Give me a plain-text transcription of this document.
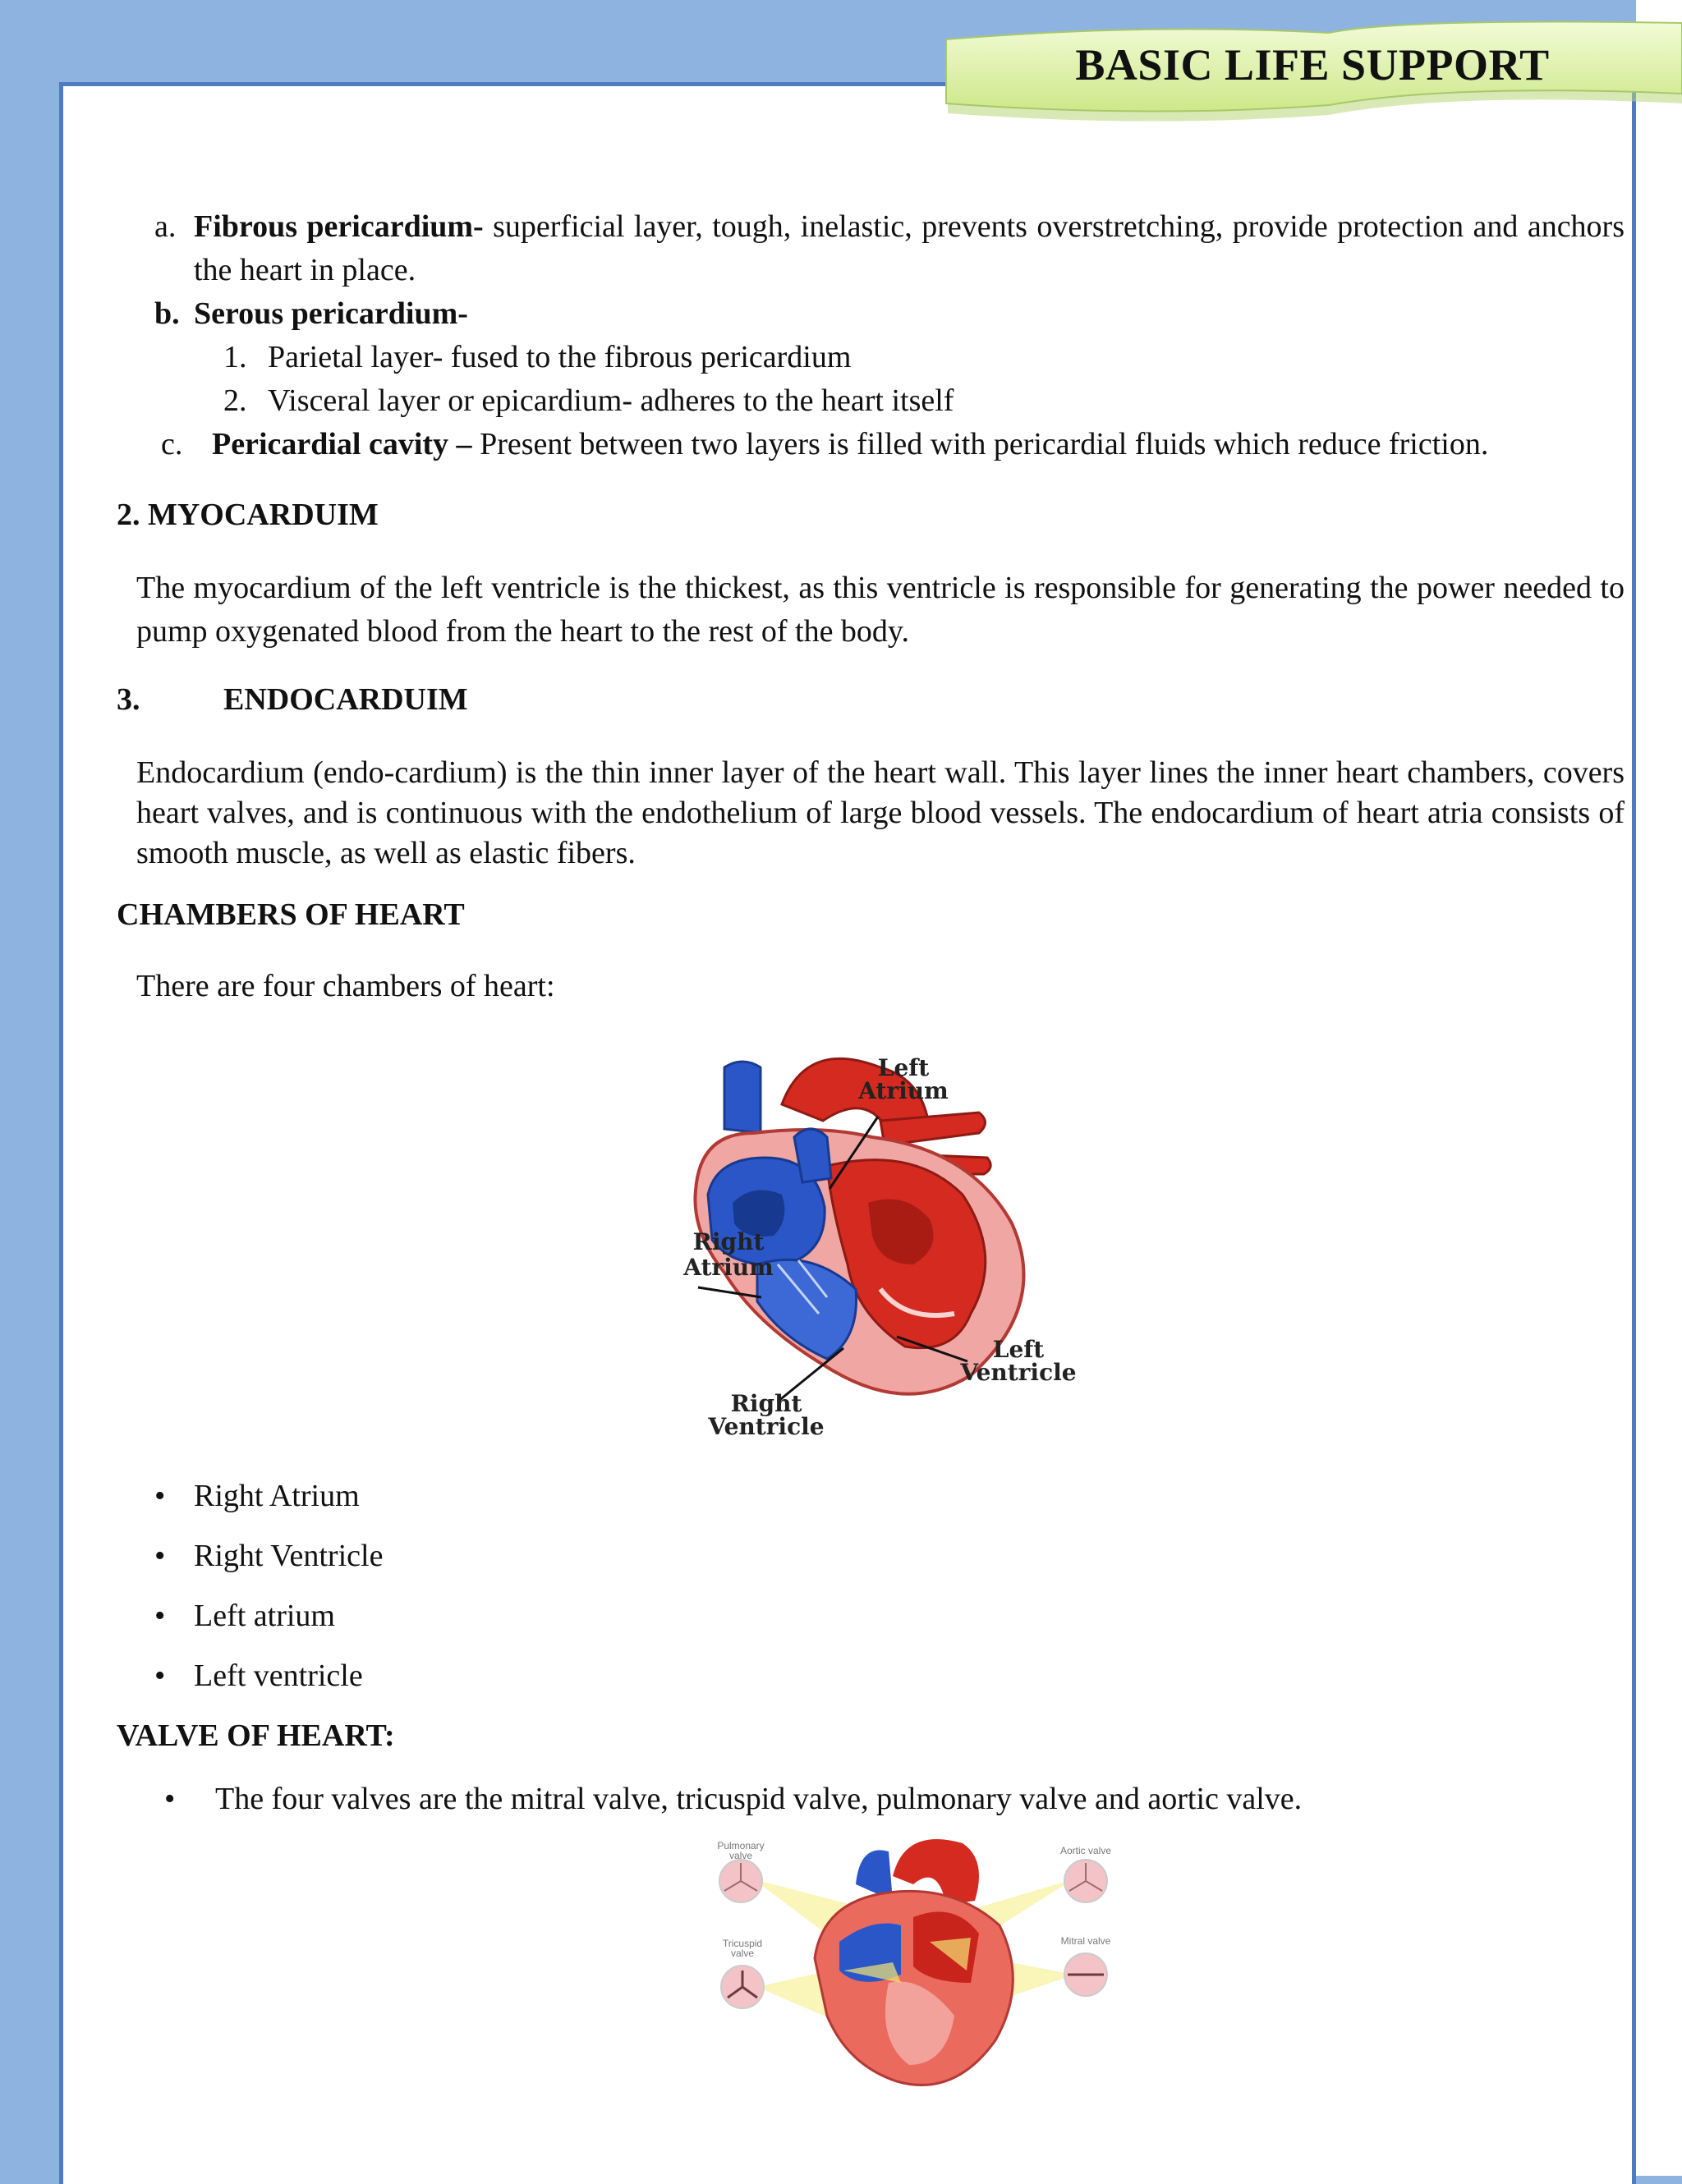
BASIC LIFE SUPPORT
a. Fibrous pericardium- superficial layer, tough, inelastic, prevents overstretching, provide protection and anchors the heart in place.

b. Serous pericardium-

1. Parietal layer- fused to the fibrous pericardium

2. Visceral layer or epicardium- adheres to the heart itself

c. Pericardial cavity – Present between two layers is filled with pericardial fluids which reduce friction.

2. MYOCARDUIM

The myocardium of the left ventricle is the thickest, as this ventricle is responsible for generating the power needed to pump oxygenated blood from the heart to the rest of the body.

3.	ENDOCARDUIM

Endocardium (endo-cardium) is the thin inner layer of the heart wall. This layer lines the inner heart chambers, covers heart valves, and is continuous with the endothelium of large blood vessels. The endocardium of heart atria consists of smooth muscle, as well as elastic fibers.

CHAMBERS OF HEART

There are four chambers of heart:

Left
Atrium
Right
Atrium
Left
Ventricle
Right
Ventricle
• Right Atrium

• Right Ventricle

• Left atrium

• Left ventricle

VALVE OF HEART:

• The four valves are the mitral valve, tricuspid valve, pulmonary valve and aortic valve.

Pulmonary
valve
Tricuspid
valve
Aortic valve
Mitral valve
